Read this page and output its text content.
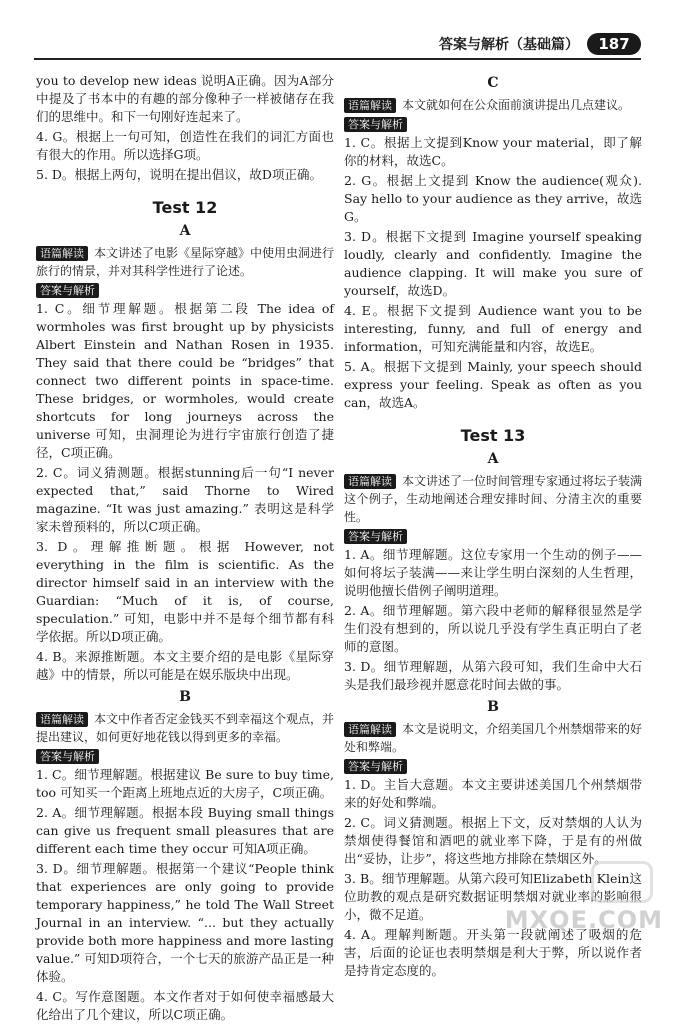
答案与解析（基础篇）	187

you to develop new ideas 说明A正确。因为A部分中提及了书本中的有趣的部分像种子一样被储存在我们的思维中。和下一句刚好连起来了。

4. G。根据上一句可知，创造性在我们的词汇方面也有很大的作用。所以选择G项。

5. D。根据上两句，说明在提出倡议，故D项正确。

Test 12
A

语篇解读 本文讲述了电影《星际穿越》中使用虫洞进行旅行的情景，并对其科学性进行了论述。

答案与解析

1. C。细节理解题。根据第二段 The idea of wormholes was first brought up by physicists Albert Einstein and Nathan Rosen in 1935. They said that there could be “bridges” that connect two different points in space-time. These bridges, or wormholes, would create shortcuts for long journeys across the universe 可知，虫洞理论为进行宇宙旅行创造了捷径，C项正确。

2. C。词义猜测题。根据stunning后一句“I never expected that,” said Thorne to Wired magazine. “It was just amazing.” 表明这是科学家未曾预料的，所以C项正确。

3. D。理解推断题。根据 However, not everything in the film is scientific. As the director himself said in an interview with the Guardian: “Much of it is, of course, speculation.” 可知，电影中并不是每个细节都有科学依据。所以D项正确。

4. B。来源推断题。本文主要介绍的是电影《星际穿越》中的情景，所以可能是在娱乐版块中出现。

B

语篇解读 本文中作者否定金钱买不到幸福这个观点，并提出建议，如何更好地花钱以得到更多的幸福。

答案与解析

1. C。细节理解题。根据建议 Be sure to buy time, too 可知买一个距离上班地点近的大房子，C项正确。

2. A。细节理解题。根据本段 Buying small things can give us frequent small pleasures that are different each time they occur 可知A项正确。

3. D。细节理解题。根据第一个建议“People think that experiences are only going to provide temporary happiness,” he told The Wall Street Journal in an interview. “... but they actually provide both more happiness and more lasting value.” 可知D项符合，一个七天的旅游产品正是一种体验。

4. C。写作意图题。本文作者对于如何使幸福感最大化给出了几个建议，所以C项正确。

C

语篇解读 本文就如何在公众面前演讲提出几点建议。

答案与解析

1. C。根据上文提到Know your material，即了解你的材料，故选C。

2. G。根据上文提到 Know the audience(观众). Say hello to your audience as they arrive，故选G。

3. D。根据下文提到 Imagine yourself speaking loudly, clearly and confidently. Imagine the audience clapping. It will make you sure of yourself，故选D。

4. E。根据下文提到 Audience want you to be interesting, funny, and full of energy and information，可知充满能量和内容，故选E。

5. A。根据下文提到 Mainly, your speech should express your feeling. Speak as often as you can，故选A。

Test 13
A

语篇解读 本文讲述了一位时间管理专家通过将坛子装满这个例子，生动地阐述合理安排时间、分清主次的重要性。

答案与解析

1. A。细节理解题。这位专家用一个生动的例子——如何将坛子装满——来让学生明白深刻的人生哲理，说明他擅长借例子阐明道理。

2. A。细节理解题。第六段中老师的解释很显然是学生们没有想到的，所以说几乎没有学生真正明白了老师的意图。

3. D。细节理解题，从第六段可知，我们生命中大石头是我们最珍视并愿意花时间去做的事。

B

语篇解读 本文是说明文，介绍美国几个州禁烟带来的好处和弊端。

答案与解析

1. D。主旨大意题。本文主要讲述美国几个州禁烟带来的好处和弊端。

2. C。词义猜测题。根据上下文，反对禁烟的人认为禁烟使得餐馆和酒吧的就业率下降，于是有的州做出“妥协，让步”，将这些地方排除在禁烟区外。

3. B。细节理解题。从第六段可知Elizabeth Klein这位助教的观点是研究数据证明禁烟对就业率的影响很小，微不足道。

4. A。理解判断题。开头第一段就阐述了吸烟的危害，后面的论证也表明禁烟是利大于弊，所以说作者是持肯定态度的。

MXQE.COM
